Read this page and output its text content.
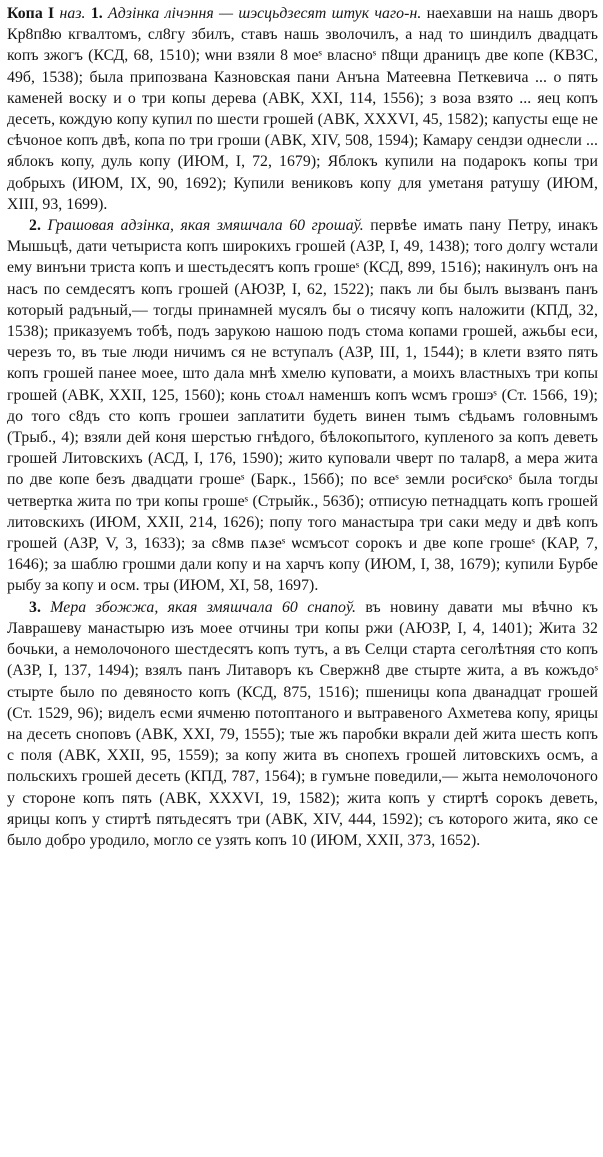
Копа I наз. 1. Адзінка лічэння — шэсцьдзесят штук чаго-н. наехавши на нашь дворъ Кр8п8ю кгвалтомъ, сл8гу збилъ, ставъ нашь зволочилъ, а над то шиндилъ двадцать копъ зжогъ (КСД, 68, 1510); ѡни взяли 8 моеˢ власноˢ п8щи драницъ две копе (КВЗС, 49б, 1538); была припозвана Казновская пани Анъна Матеевна Петкевича ... о пять каменей воску и о три копы дерева (АВК, XXI, 114, 1556); з воза взято ... яец копъ десеть, кождую копу купил по шести грошей (АВК, XXXVI, 45, 1582); капусты еще не сѣчоное копъ двѣ, копа по три гроши (АВК, XIV, 508, 1594); Камару сендзи однесли ... яблокъ копу, дуль копу (ИЮМ, I, 72, 1679); Яблокъ купили на подарокъ копы три добрыхъ (ИЮМ, IX, 90, 1692); Купили вениковъ копу для уметаня ратушу (ИЮМ, XIII, 93, 1699).

2. Грашовая адзінка, якая змяшчала 60 грошаў. первѣе имать пану Петру, инакъ Мышьцѣ, дати четыриста копъ широкихъ грошей (АЗР, I, 49, 1438); того долгу ѡстали ему винъни триста копъ и шестьдесятъ копъ грошеˢ (КСД, 899, 1516); накинулъ онъ на насъ по семдесятъ копъ грошей (АЮЗР, I, 62, 1522); пакъ ли бы былъ вызванъ панъ который радъный,— тогды принамней мусялъ бы о тисячу копъ наложити (КПД, 32, 1538); приказуемъ тобѣ, подъ зарукою нашою подъ стома копами грошей, ажьбы еси, черезъ то, въ тые люди ничимъ ся не вступалъ (АЗР, III, 1, 1544); в клети взято пять копъ грошей панее моее, што дала мнѣ хмелю куповати, а моихъ властныхъ три копы грошей (АВК, XXII, 125, 1560); конь стоѧл наменшъ копъ ѡсмъ грошэˢ (Ст. 1566, 19); до того с8дъ сто копъ грошеи заплатити будеть винен тымъ сѣдьамъ головнымъ (Трыб., 4); взяли дей коня шерстью гнѣдого, бѣлокопытого, купленого за копъ деветь грошей Литовскихъ (АСД, I, 176, 1590); жито куповали чверт по талар8, а мера жита по две копе безъ двадцати грошеˢ (Барк., 156б); по всеˢ земли росиˢскоˢ была тогды четвертка жита по три копы грошеˢ (Стрыйк., 563б); отписую петнадцать копъ грошей литовскихъ (ИЮМ, XXII, 214, 1626); попу того манастыра три саки меду и двѣ копъ грошей (АЗР, V, 3, 1633); за с8мв пѧзеˢ ѡсмъсот сорокъ и две копе грошеˢ (КАР, 7, 1646); за шаблю грошми дали копу и на харчъ копу (ИЮМ, I, 38, 1679); купили Бурбе рыбу за копу и осм. тры (ИЮМ, XI, 58, 1697).

3. Мера збожжа, якая змяшчала 60 снапоў. въ новину давати мы вѣчно къ Лаврашеву манастырю изъ моее отчины три копы ржи (АЮЗР, I, 4, 1401); Жита 32 бочьки, а немолочоного шестдесятъ копъ тутъ, а въ Селци старта сеголѣтняя сто копъ (АЗР, I, 137, 1494); взялъ панъ Литаворъ къ Свержн8 две стырте жита, а въ кожъдоˢ стырте было по девяносто копъ (КСД, 875, 1516); пшеницы копа дванадцат грошей (Ст. 1529, 96); виделъ есми ячменю потоптаного и вытравеного Ахметева копу, ярицы на десеть сноповъ (АВК, XXI, 79, 1555); тые жъ паробки вкрали дей жита шесть копъ с поля (АВК, XXII, 95, 1559); за копу жита въ снопехъ грошей литовскихъ осмъ, а польскихъ грошей десеть (КПД, 787, 1564); в гумъне поведили,— жыта немолочоного у стороне копъ пять (АВК, XXXVI, 19, 1582); жита копъ у стиртѣ сорокъ деветь, ярицы копъ у стиртѣ пятьдесятъ три (АВК, XIV, 444, 1592); съ которого жита, яко се было добро уродило, могло се узять копъ 10 (ИЮМ, XXII, 373, 1652).
